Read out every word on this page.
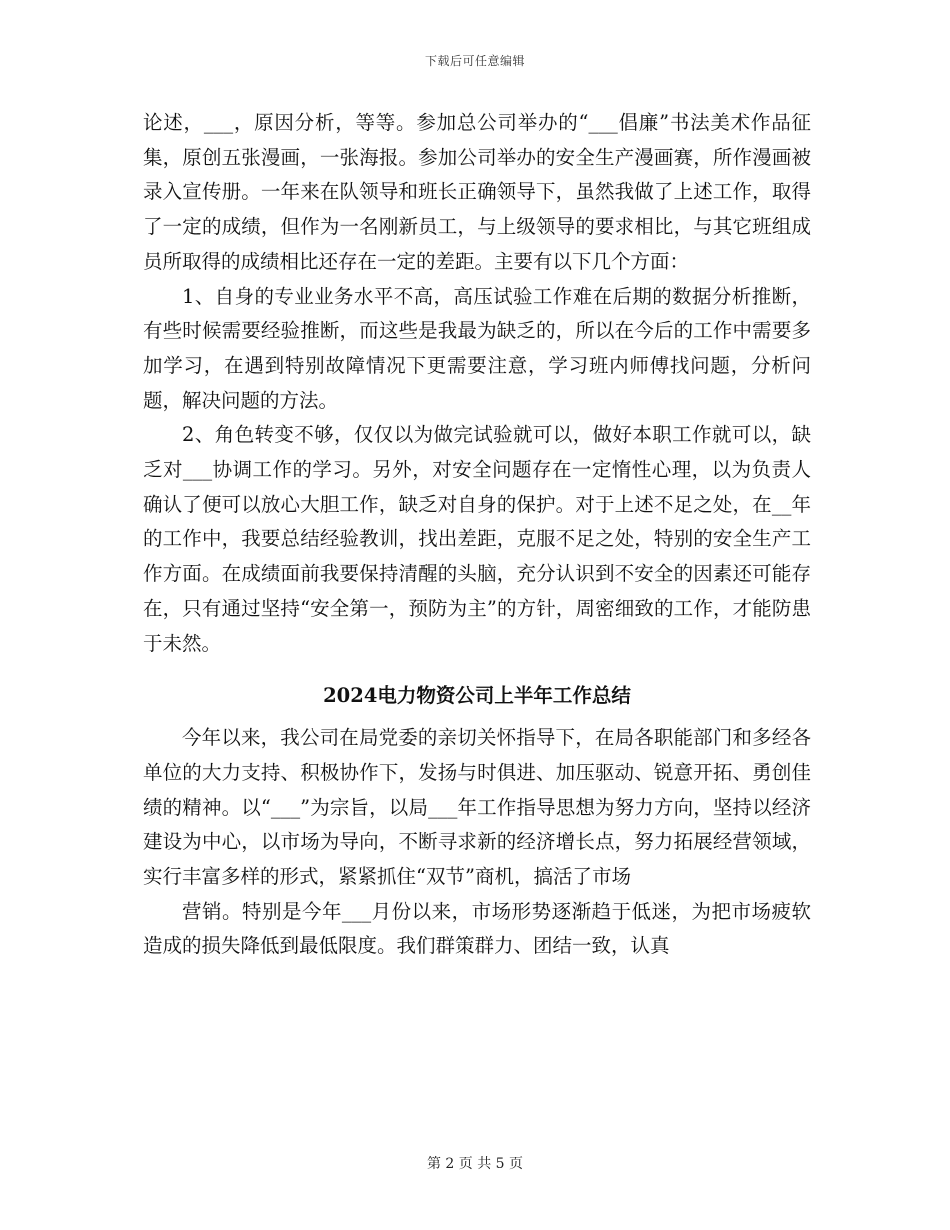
下载后可任意编辑

论述，___，原因分析，等等。参加总公司举办的“___倡廉”书法美术作品征集，原创五张漫画，一张海报。参加公司举办的安全生产漫画赛，所作漫画被录入宣传册。一年来在队领导和班长正确领导下，虽然我做了上述工作，取得了一定的成绩，但作为一名刚新员工，与上级领导的要求相比，与其它班组成员所取得的成绩相比还存在一定的差距。主要有以下几个方面：

1、自身的专业业务水平不高，高压试验工作难在后期的数据分析推断，有些时候需要经验推断，而这些是我最为缺乏的，所以在今后的工作中需要多加学习，在遇到特别故障情况下更需要注意，学习班内师傅找问题，分析问题，解决问题的方法。

2、角色转变不够，仅仅以为做完试验就可以，做好本职工作就可以，缺乏对___协调工作的学习。另外，对安全问题存在一定惰性心理，以为负责人确认了便可以放心大胆工作，缺乏对自身的保护。对于上述不足之处，在__年的工作中，我要总结经验教训，找出差距，克服不足之处，特别的安全生产工作方面。在成绩面前我要保持清醒的头脑，充分认识到不安全的因素还可能存在，只有通过坚持“安全第一，预防为主”的方针，周密细致的工作，才能防患于未然。

2024电力物资公司上半年工作总结

今年以来，我公司在局党委的亲切关怀指导下，在局各职能部门和多经各单位的大力支持、积极协作下，发扬与时俱进、加压驱动、锐意开拓、勇创佳绩的精神。以“___”为宗旨，以局___年工作指导思想为努力方向，坚持以经济建设为中心，以市场为导向，不断寻求新的经济增长点，努力拓展经营领域，实行丰富多样的形式，紧紧抓住“双节”商机，搞活了市场

营销。特别是今年___月份以来，市场形势逐渐趋于低迷，为把市场疲软造成的损失降低到最低限度。我们群策群力、团结一致，认真

第 2 页 共 5 页
